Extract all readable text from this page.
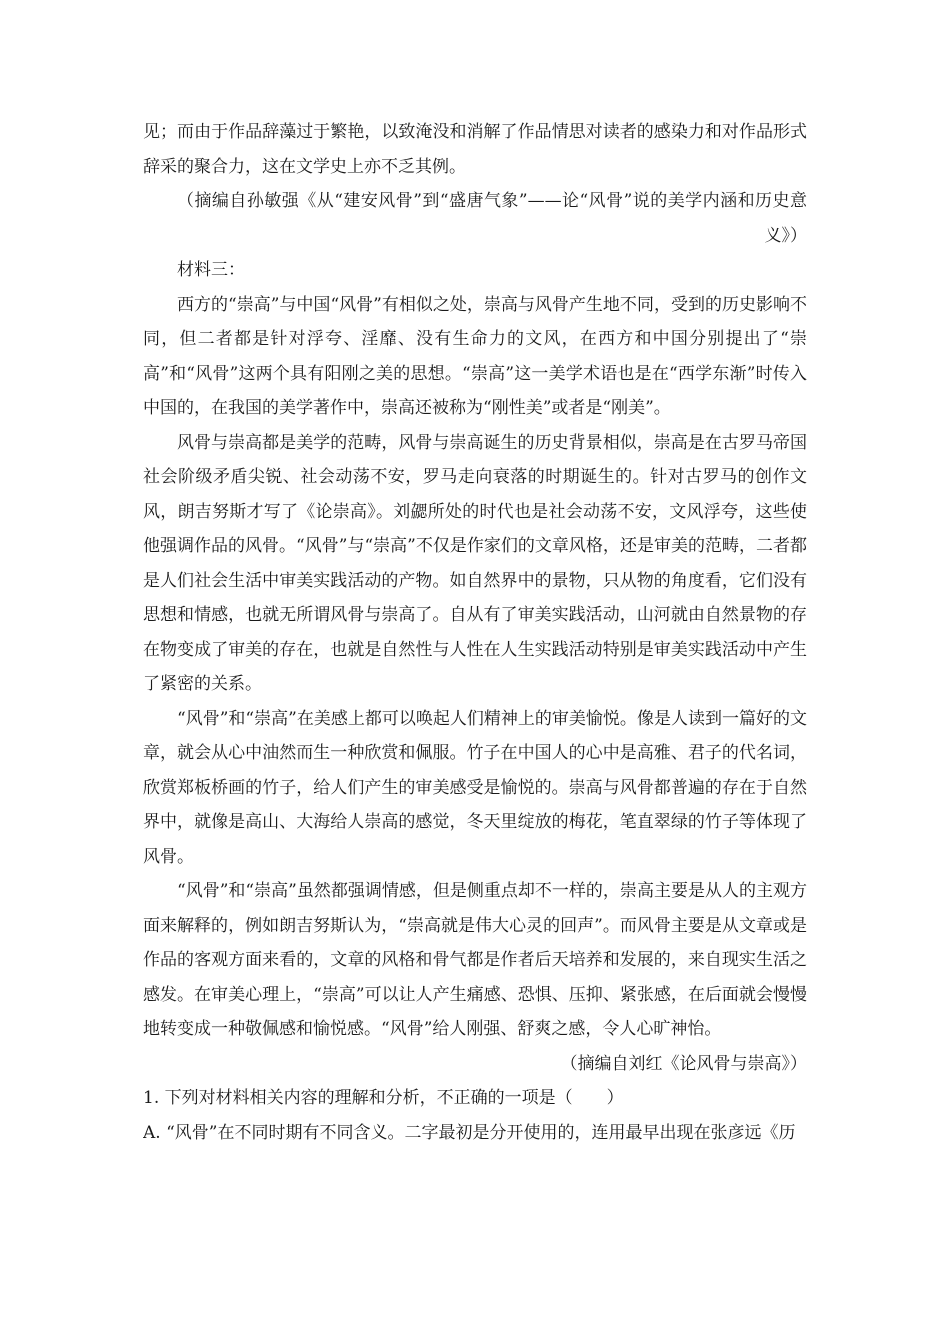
见；而由于作品辞藻过于繁艳，以致淹没和消解了作品情思对读者的感染力和对作品形式辞采的聚合力，这在文学史上亦不乏其例。

（摘编自孙敏强《从“建安风骨”到“盛唐气象”——论“风骨”说的美学内涵和历史意义》）

材料三：

西方的“崇高”与中国“风骨”有相似之处，崇高与风骨产生地不同，受到的历史影响不同，但二者都是针对浮夸、淫靡、没有生命力的文风，在西方和中国分别提出了“崇高”和“风骨”这两个具有阳刚之美的思想。“崇高”这一美学术语也是在“西学东渐”时传入中国的，在我国的美学著作中，崇高还被称为“刚性美”或者是“刚美”。

风骨与崇高都是美学的范畴，风骨与崇高诞生的历史背景相似，崇高是在古罗马帝国社会阶级矛盾尖锐、社会动荡不安，罗马走向衰落的时期诞生的。针对古罗马的创作文风，朗吉努斯才写了《论崇高》。刘勰所处的时代也是社会动荡不安，文风浮夸，这些使他强调作品的风骨。“风骨”与“崇高”不仅是作家们的文章风格，还是审美的范畴，二者都是人们社会生活中审美实践活动的产物。如自然界中的景物，只从物的角度看，它们没有思想和情感，也就无所谓风骨与崇高了。自从有了审美实践活动，山河就由自然景物的存在物变成了审美的存在，也就是自然性与人性在人生实践活动特别是审美实践活动中产生了紧密的关系。

“风骨”和“崇高”在美感上都可以唤起人们精神上的审美愉悦。像是人读到一篇好的文章，就会从心中油然而生一种欣赏和佩服。竹子在中国人的心中是高雅、君子的代名词，欣赏郑板桥画的竹子，给人们产生的审美感受是愉悦的。崇高与风骨都普遍的存在于自然界中，就像是高山、大海给人崇高的感觉，冬天里绽放的梅花，笔直翠绿的竹子等体现了风骨。

“风骨”和“崇高”虽然都强调情感，但是侧重点却不一样的，崇高主要是从人的主观方面来解释的，例如朗吉努斯认为，“崇高就是伟大心灵的回声”。而风骨主要是从文章或是作品的客观方面来看的，文章的风格和骨气都是作者后天培养和发展的，来自现实生活之感发。在审美心理上，“崇高”可以让人产生痛感、恐惧、压抑、紧张感，在后面就会慢慢地转变成一种敬佩感和愉悦感。“风骨”给人刚强、舒爽之感，令人心旷神怡。

（摘编自刘红《论风骨与崇高》）

1. 下列对材料相关内容的理解和分析，不正确的一项是（　　）

A. “风骨”在不同时期有不同含义。二字最初是分开使用的，连用最早出现在张彦远《历
